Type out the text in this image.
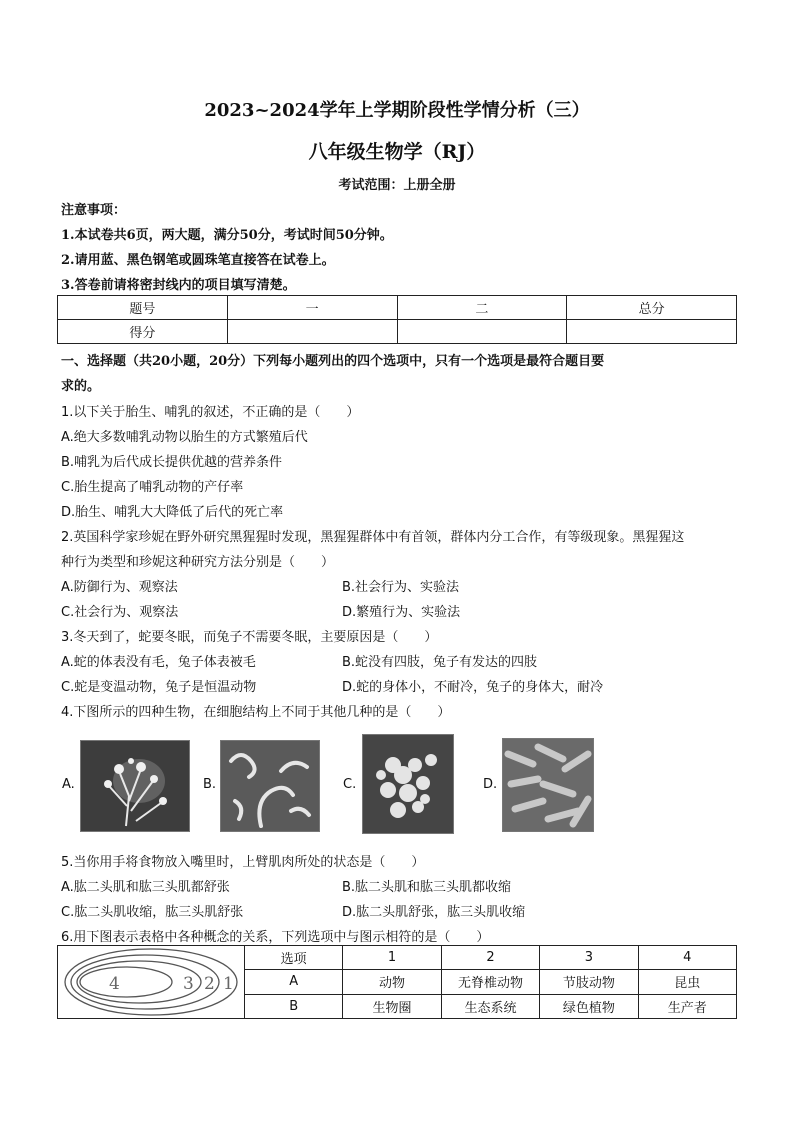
2023~2024学年上学期阶段性学情分析（三）
八年级生物学（RJ）
考试范围：上册全册
注意事项：
1.本试卷共6页，两大题，满分50分，考试时间50分钟。
2.请用蓝、黑色钢笔或圆珠笔直接答在试卷上。
3.答卷前请将密封线内的项目填写清楚。
题号	一	二	总分
得分			
一、选择题（共20小题，20分）下列每小题列出的四个选项中，只有一个选项是最符合题目要
求的。
1.以下关于胎生、哺乳的叙述，不正确的是（　　）
A.绝大多数哺乳动物以胎生的方式繁殖后代
B.哺乳为后代成长提供优越的营养条件
C.胎生提高了哺乳动物的产仔率
D.胎生、哺乳大大降低了后代的死亡率
2.英国科学家珍妮在野外研究黑猩猩时发现，黑猩猩群体中有首领，群体内分工合作，有等级现象。黑猩猩这
种行为类型和珍妮这种研究方法分别是（　　）
A.防御行为、观察法	B.社会行为、实验法
C.社会行为、观察法	D.繁殖行为、实验法
3.冬天到了，蛇要冬眠，而兔子不需要冬眠，主要原因是（　　）
A.蛇的体表没有毛，兔子体表被毛	B.蛇没有四肢，兔子有发达的四肢
C.蛇是变温动物，兔子是恒温动物	D.蛇的身体小，不耐冷，兔子的身体大，耐冷
4.下图所示的四种生物，在细胞结构上不同于其他几种的是（　　）
A.	B.	C.	D.
5.当你用手将食物放入嘴里时，上臂肌肉所处的状态是（　　）
A.肱二头肌和肱三头肌都舒张	B.肱二头肌和肱三头肌都收缩
C.肱二头肌收缩，肱三头肌舒张	D.肱二头肌舒张，肱三头肌收缩
6.用下图表示表格中各种概念的关系，下列选项中与图示相符的是（　　）
4 3 2 1	选项	1	2	3	4
	A	动物	无脊椎动物	节肢动物	昆虫
	B	生物圈	生态系统	绿色植物	生产者
